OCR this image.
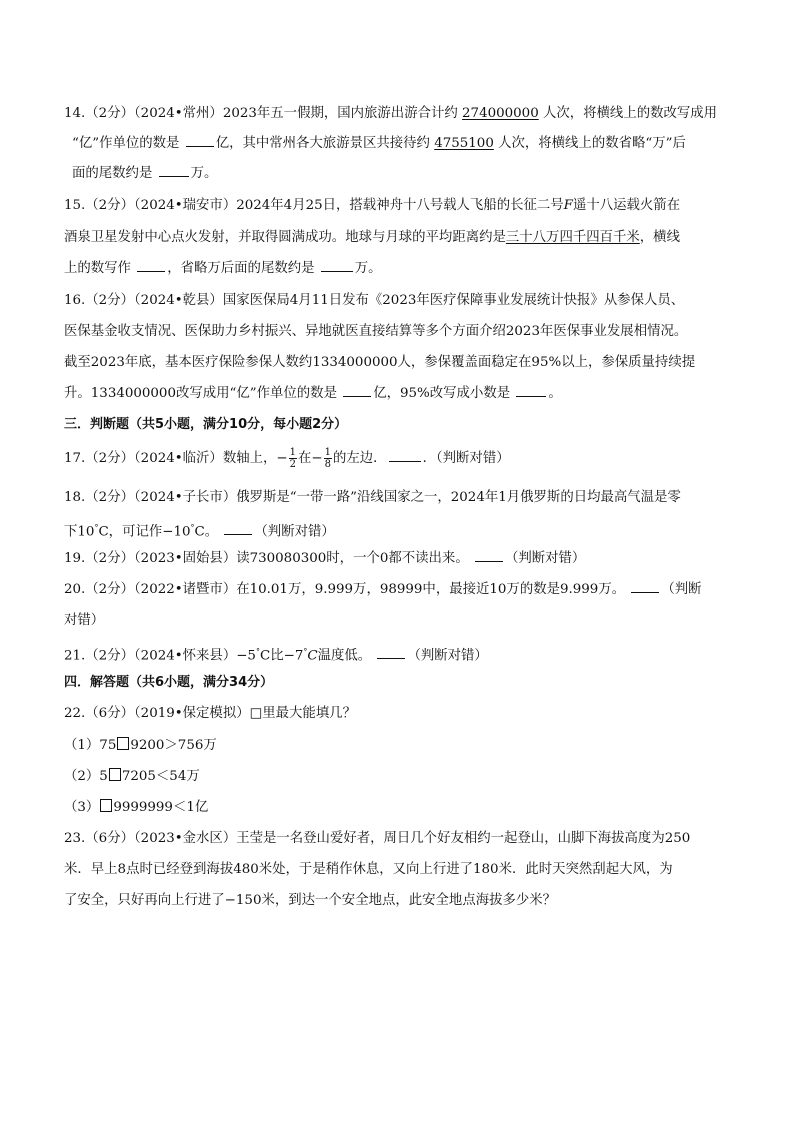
14.（2分）（2024•常州）2023年五一假期，国内旅游出游合计约 274000000 人次，将横线上的数改写成用
“亿”作单位的数是 亿，其中常州各大旅游景区共接待约 4755100 人次，将横线上的数省略“万”后
面的尾数约是	万。
15.（2分）（2024•瑞安市）2024年4月25日，搭载神舟十八号载人飞船的长征二号F遥十八运载火箭在
酒泉卫星发射中心点火发射，并取得圆满成功。地球与月球的平均距离约是三十八万四千四百千米，横线
上的数写作 ，省略万后面的尾数约是	万。
16.（2分）（2024•乾县）国家医保局4月11日发布《2023年医疗保障事业发展统计快报》从参保人员、
医保基金收支情况、医保助力乡村振兴、异地就医直接结算等多个方面介绍2023年医保事业发展相情况。
截至2023年底，基本医疗保险参保人数约1334000000人，参保覆盖面稳定在95%以上，参保质量持续提
升。1334000000改写成用“亿”作单位的数是 亿，95%改写成小数是	。
三．判断题（共5小题，满分10分，每小题2分）
17.（2分）（2024•临沂）数轴上，− $\frac{1}{2}$ 在− $\frac{1}{8}$ 的左边．	．（判断对错）
18.（2分）（2024•子长市）俄罗斯是“一带一路”沿线国家之一，2024年1月俄罗斯的日均最高气温是零
下10°C，可记作−10°C。	（判断对错）
19.（2分）（2023•固始县）读730080300时，一个0都不读出来。	（判断对错）
20.（2分）（2022•诸暨市）在10.01万，9.999万，98999中，最接近10万的数是9.999万。	（判断
对错）
21.（2分）（2024•怀来县）−5°C比−7°C温度低。	（判断对错）
四．解答题（共6小题，满分34分）
22.（6分）（2019•保定模拟）□里最大能填几？
（1）75 9200＞756万
（2）5 7205＜54万
（3） 9999999＜1亿
23.（6分）（2023•金水区）王莹是一名登山爱好者，周日几个好友相约一起登山，山脚下海拔高度为250
米．早上8点时已经登到海拔480米处，于是稍作休息，又向上行进了180米．此时天突然刮起大风，为
了安全，只好再向上行进了−150米，到达一个安全地点，此安全地点海拔多少米？
